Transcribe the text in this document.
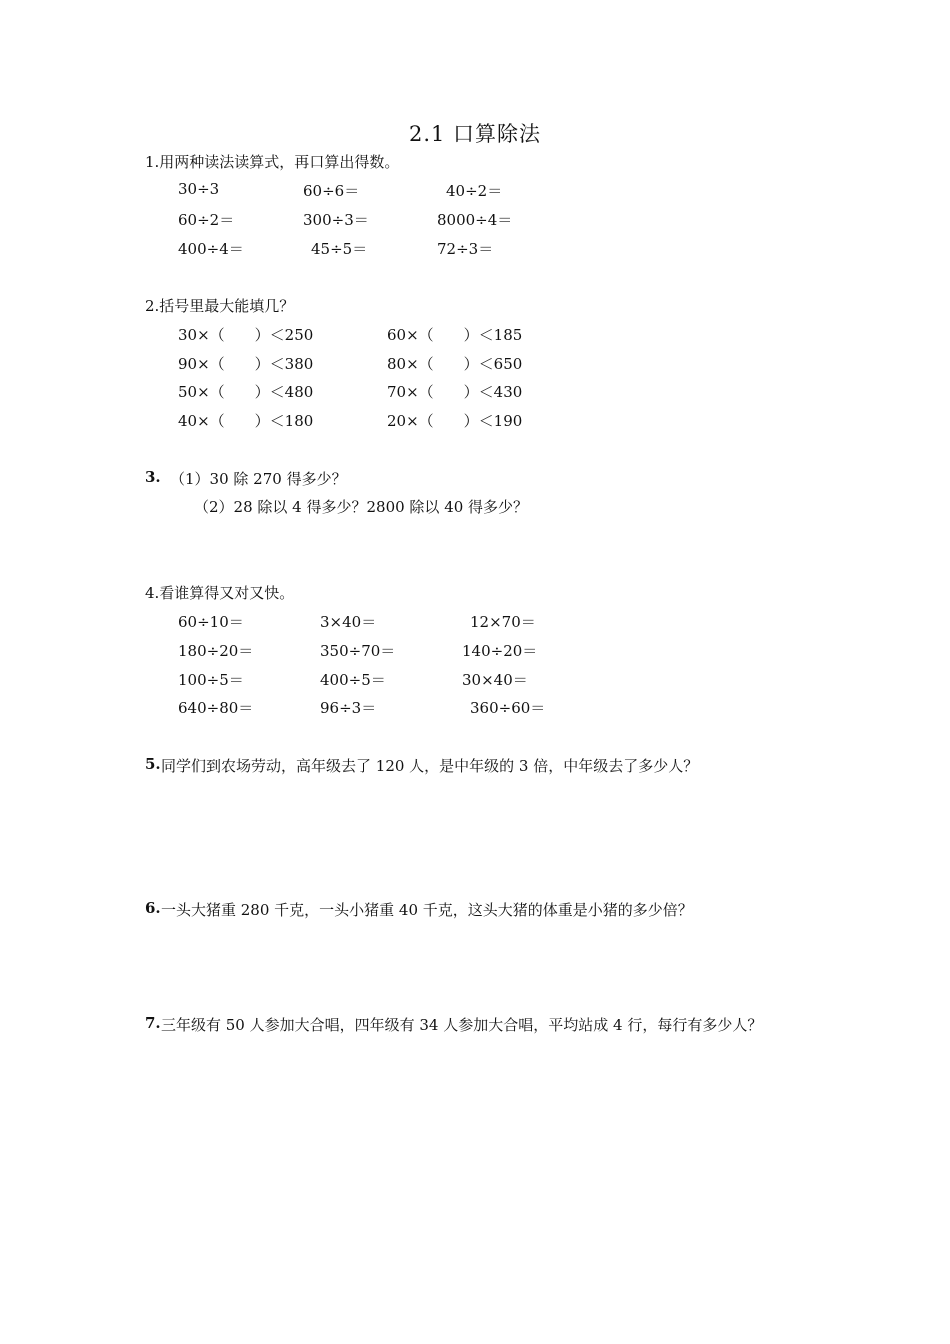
2.1 口算除法
1.用两种读法读算式，再口算出得数。
30÷3	60÷6＝	40÷2＝
60÷2＝	300÷3＝	8000÷4＝
400÷4＝	45÷5＝	72÷3＝
2.括号里最大能填几？
30×（　　）＜250	60×（　　）＜185
90×（　　）＜380	80×（　　）＜650
50×（　　）＜480	70×（　　）＜430
40×（　　）＜180	20×（　　）＜190
3. （1）30 除 270 得多少？
（2）28 除以 4 得多少？2800 除以 40 得多少？
4.看谁算得又对又快。
60÷10＝	3×40＝	12×70＝
180÷20＝	350÷70＝	140÷20＝
100÷5＝	400÷5＝	30×40＝
640÷80＝	96÷3＝	360÷60＝
5. 同学们到农场劳动，高年级去了 120 人，是中年级的 3 倍，中年级去了多少人？
6. 一头大猪重 280 千克，一头小猪重 40 千克，这头大猪的体重是小猪的多少倍？
7. 三年级有 50 人参加大合唱，四年级有 34 人参加大合唱，平均站成 4 行，每行有多少人？
